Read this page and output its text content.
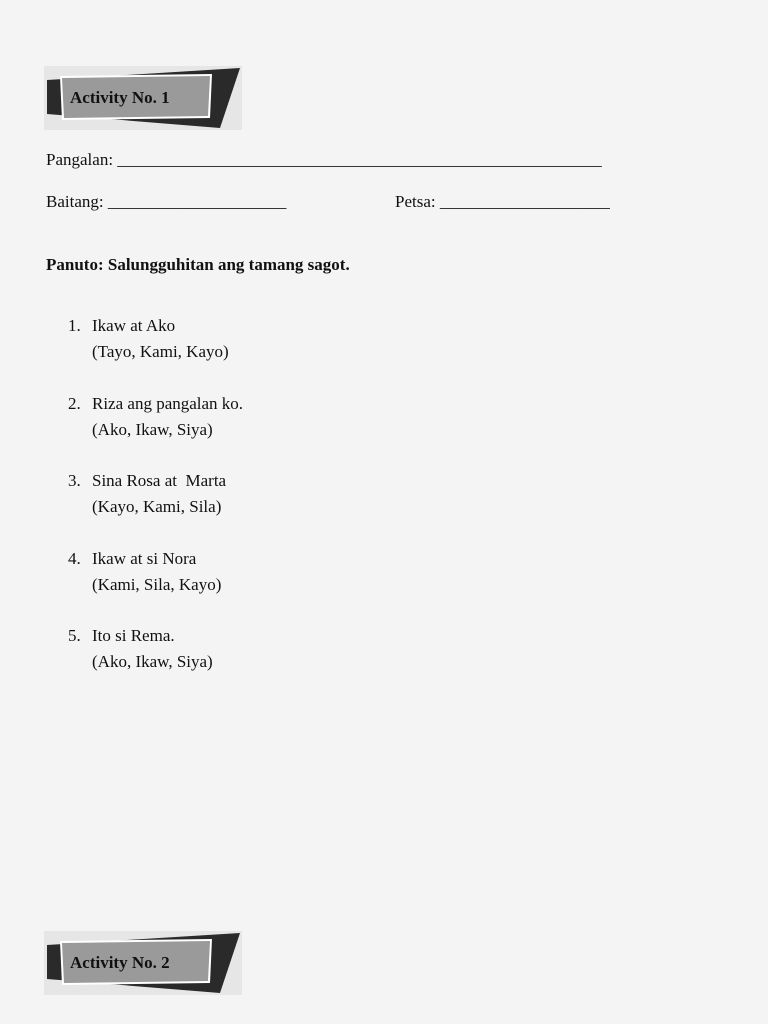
Activity No. 1
Pangalan: _________________________________________________________
Baitang: _____________________	Petsa: ____________________
Panuto: Salungguhitan ang tamang sagot.
1. Ikaw at Ako
(Tayo, Kami, Kayo)
2. Riza ang pangalan ko.
(Ako, Ikaw, Siya)
3. Sina Rosa at  Marta
(Kayo, Kami, Sila)
4. Ikaw at si Nora
(Kami, Sila, Kayo)
5. Ito si Rema.
(Ako, Ikaw, Siya)
Activity No. 2
